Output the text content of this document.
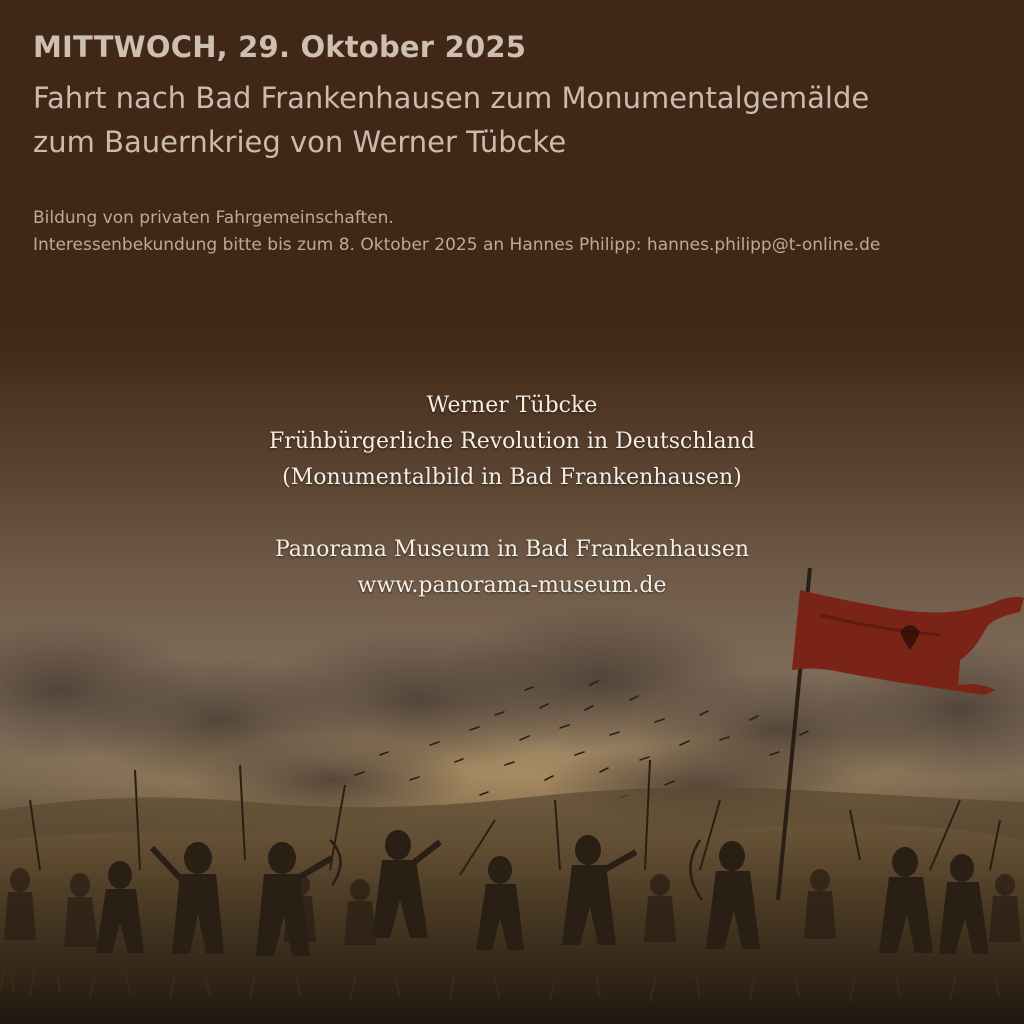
MITTWOCH, 29. Oktober 2025
Fahrt nach Bad Frankenhausen zum Monumentalgemälde
zum Bauernkrieg von Werner Tübcke
Bildung von privaten Fahrgemeinschaften.
Interessenbekundung bitte bis zum 8. Oktober 2025 an Hannes Philipp: hannes.philipp@t-online.de
Werner Tübcke
Frühbürgerliche Revolution in Deutschland
(Monumentalbild in Bad Frankenhausen)
Panorama Museum in Bad Frankenhausen
www.panorama-museum.de
